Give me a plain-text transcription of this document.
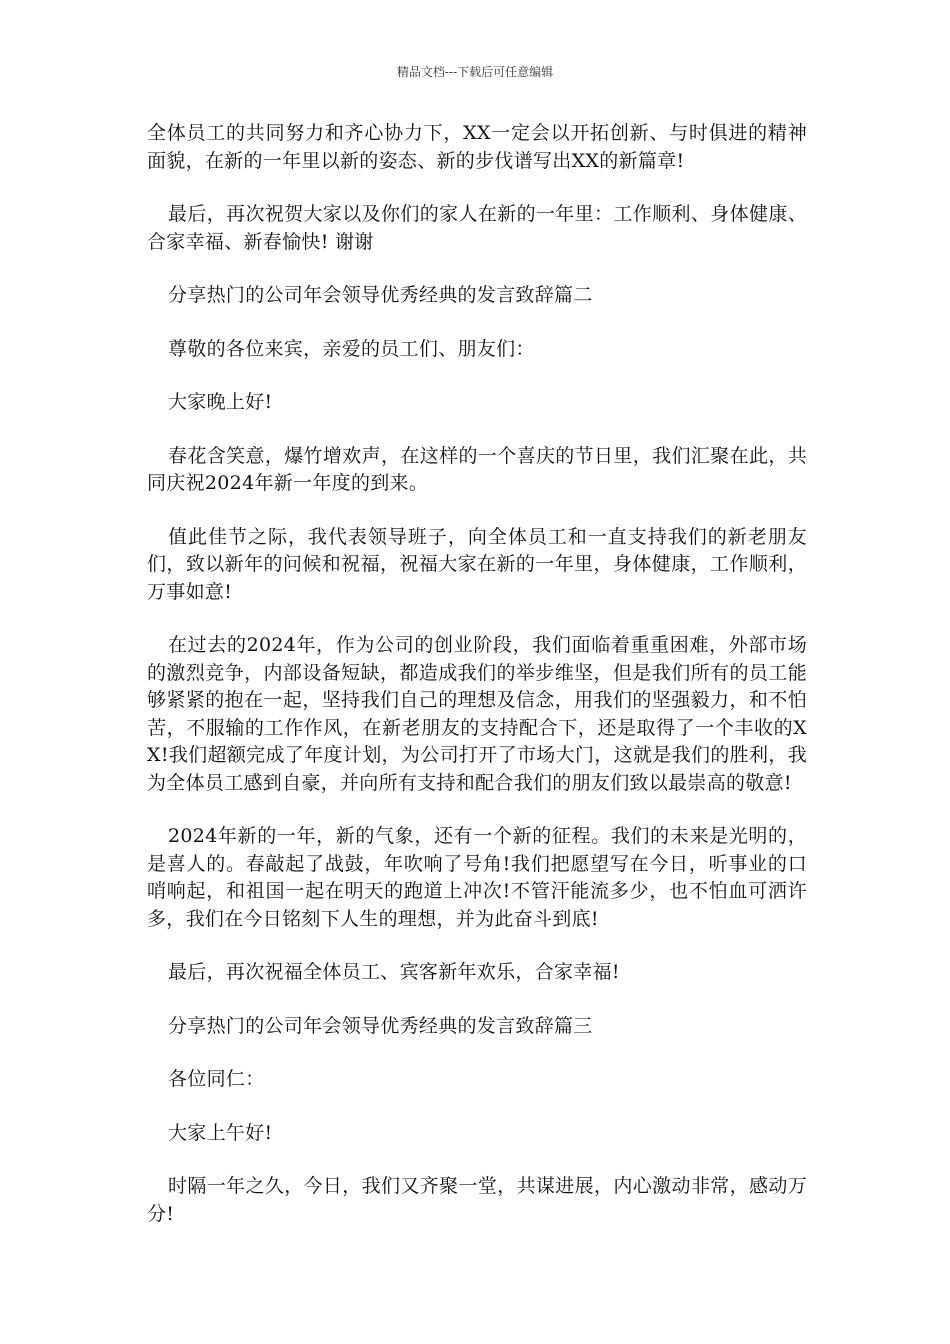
精品文档---下载后可任意编辑

全体员工的共同努力和齐心协力下，XX一定会以开拓创新、与时俱进的精神面貌，在新的一年里以新的姿态、新的步伐谱写出XX的新篇章!

最后，再次祝贺大家以及你们的家人在新的一年里：工作顺利、身体健康、合家幸福、新春愉快! 谢谢

分享热门的公司年会领导优秀经典的发言致辞篇二

尊敬的各位来宾，亲爱的员工们、朋友们：

大家晚上好!

春花含笑意，爆竹增欢声，在这样的一个喜庆的节日里，我们汇聚在此，共同庆祝2024年新一年度的到来。

值此佳节之际，我代表领导班子，向全体员工和一直支持我们的新老朋友们，致以新年的问候和祝福，祝福大家在新的一年里，身体健康，工作顺利，万事如意!

在过去的2024年，作为公司的创业阶段，我们面临着重重困难，外部市场的激烈竞争，内部设备短缺，都造成我们的举步维坚，但是我们所有的员工能够紧紧的抱在一起，坚持我们自己的理想及信念，用我们的坚强毅力，和不怕苦，不服输的工作作风，在新老朋友的支持配合下，还是取得了一个丰收的XX!我们超额完成了年度计划，为公司打开了市场大门，这就是我们的胜利，我为全体员工感到自豪，并向所有支持和配合我们的朋友们致以最崇高的敬意!

2024年新的一年，新的气象，还有一个新的征程。我们的未来是光明的，是喜人的。春敲起了战鼓，年吹响了号角!我们把愿望写在今日，听事业的口哨响起，和祖国一起在明天的跑道上冲次!不管汗能流多少，也不怕血可洒许多，我们在今日铭刻下人生的理想，并为此奋斗到底!

最后，再次祝福全体员工、宾客新年欢乐，合家幸福!

分享热门的公司年会领导优秀经典的发言致辞篇三

各位同仁：

大家上午好!

时隔一年之久，今日，我们又齐聚一堂，共谋进展，内心激动非常，感动万分!
